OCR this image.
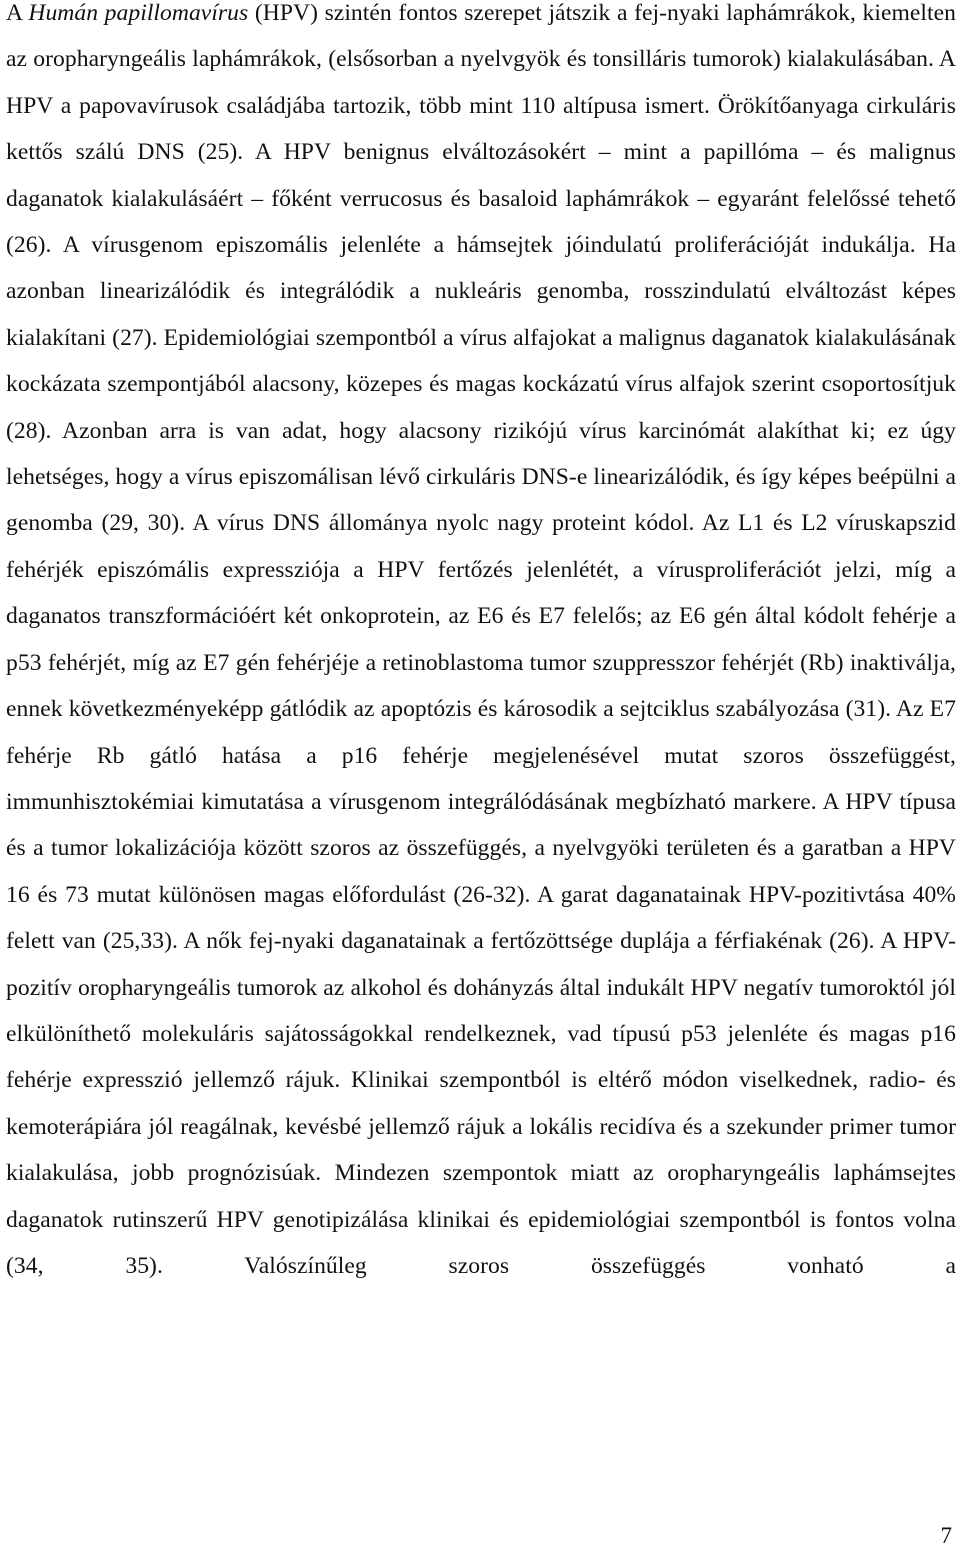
A Humán papillomavírus (HPV) szintén fontos szerepet játszik a fej-nyaki laphámrákok, kiemelten az oropharyngeális laphámrákok, (elsősorban a nyelvgyök és tonsilláris tumorok) kialakulásában. A HPV a papovavírusok családjába tartozik, több mint 110 altípusa ismert. Örökítőanyaga cirkuláris kettős szálú DNS (25). A HPV benignus elváltozásokért – mint a papillóma – és malignus daganatok kialakulásáért – főként verrucosus és basaloid laphámrákok – egyaránt felelőssé tehető (26). A vírusgenom episzomális jelenléte a hámsejtek jóindulatú proliferációját indukálja. Ha azonban linearizálódik és integrálódik a nukleáris genomba, rosszindulatú elváltozást képes kialakítani (27). Epidemiológiai szempontból a vírus alfajokat a malignus daganatok kialakulásának kockázata szempontjából alacsony, közepes és magas kockázatú vírus alfajok szerint csoportosítjuk (28). Azonban arra is van adat, hogy alacsony rizikójú vírus karcinómát alakíthat ki; ez úgy lehetséges, hogy a vírus episzomálisan lévő cirkuláris DNS-e linearizálódik, és így képes beépülni a genomba (29, 30). A vírus DNS állománya nyolc nagy proteint kódol. Az L1 és L2 víruskapszid fehérjék episzómális expressziója a HPV fertőzés jelenlétét, a vírusproliferációt jelzi, míg a daganatos transzformációért két onkoprotein, az E6 és E7 felelős; az E6 gén által kódolt fehérje a p53 fehérjét, míg az E7 gén fehérjéje a retinoblastoma tumor szuppresszor fehérjét (Rb) inaktiválja, ennek következményeképp gátlódik az apoptózis és károsodik a sejtciklus szabályozása (31). Az E7 fehérje Rb gátló hatása a p16 fehérje megjelenésével mutat szoros összefüggést, immunhisztokémiai kimutatása a vírusgenom integrálódásának megbízható markere. A HPV típusa és a tumor lokalizációja között szoros az összefüggés, a nyelvgyöki területen és a garatban a HPV 16 és 73 mutat különösen magas előfordulást (26-32). A garat daganatainak HPV-pozitivtása 40% felett van (25,33). A nők fej-nyaki daganatainak a fertőzöttsége duplája a férfiakénak (26). A HPV-pozitív oropharyngeális tumorok az alkohol és dohányzás által indukált HPV negatív tumoroktól jól elkülöníthető molekuláris sajátosságokkal rendelkeznek, vad típusú p53 jelenléte és magas p16 fehérje expresszió jellemző rájuk. Klinikai szempontból is eltérő módon viselkednek, radio- és kemoterápiára jól reagálnak, kevésbé jellemző rájuk a lokális recidíva és a szekunder primer tumor kialakulása, jobb prognózisúak. Mindezen szempontok miatt az oropharyngeális laphámsejtes daganatok rutinszerű HPV genotipizálása klinikai és epidemiológiai szempontból is fontos volna (34, 35). Valószínűleg szoros összefüggés vonható a

7
